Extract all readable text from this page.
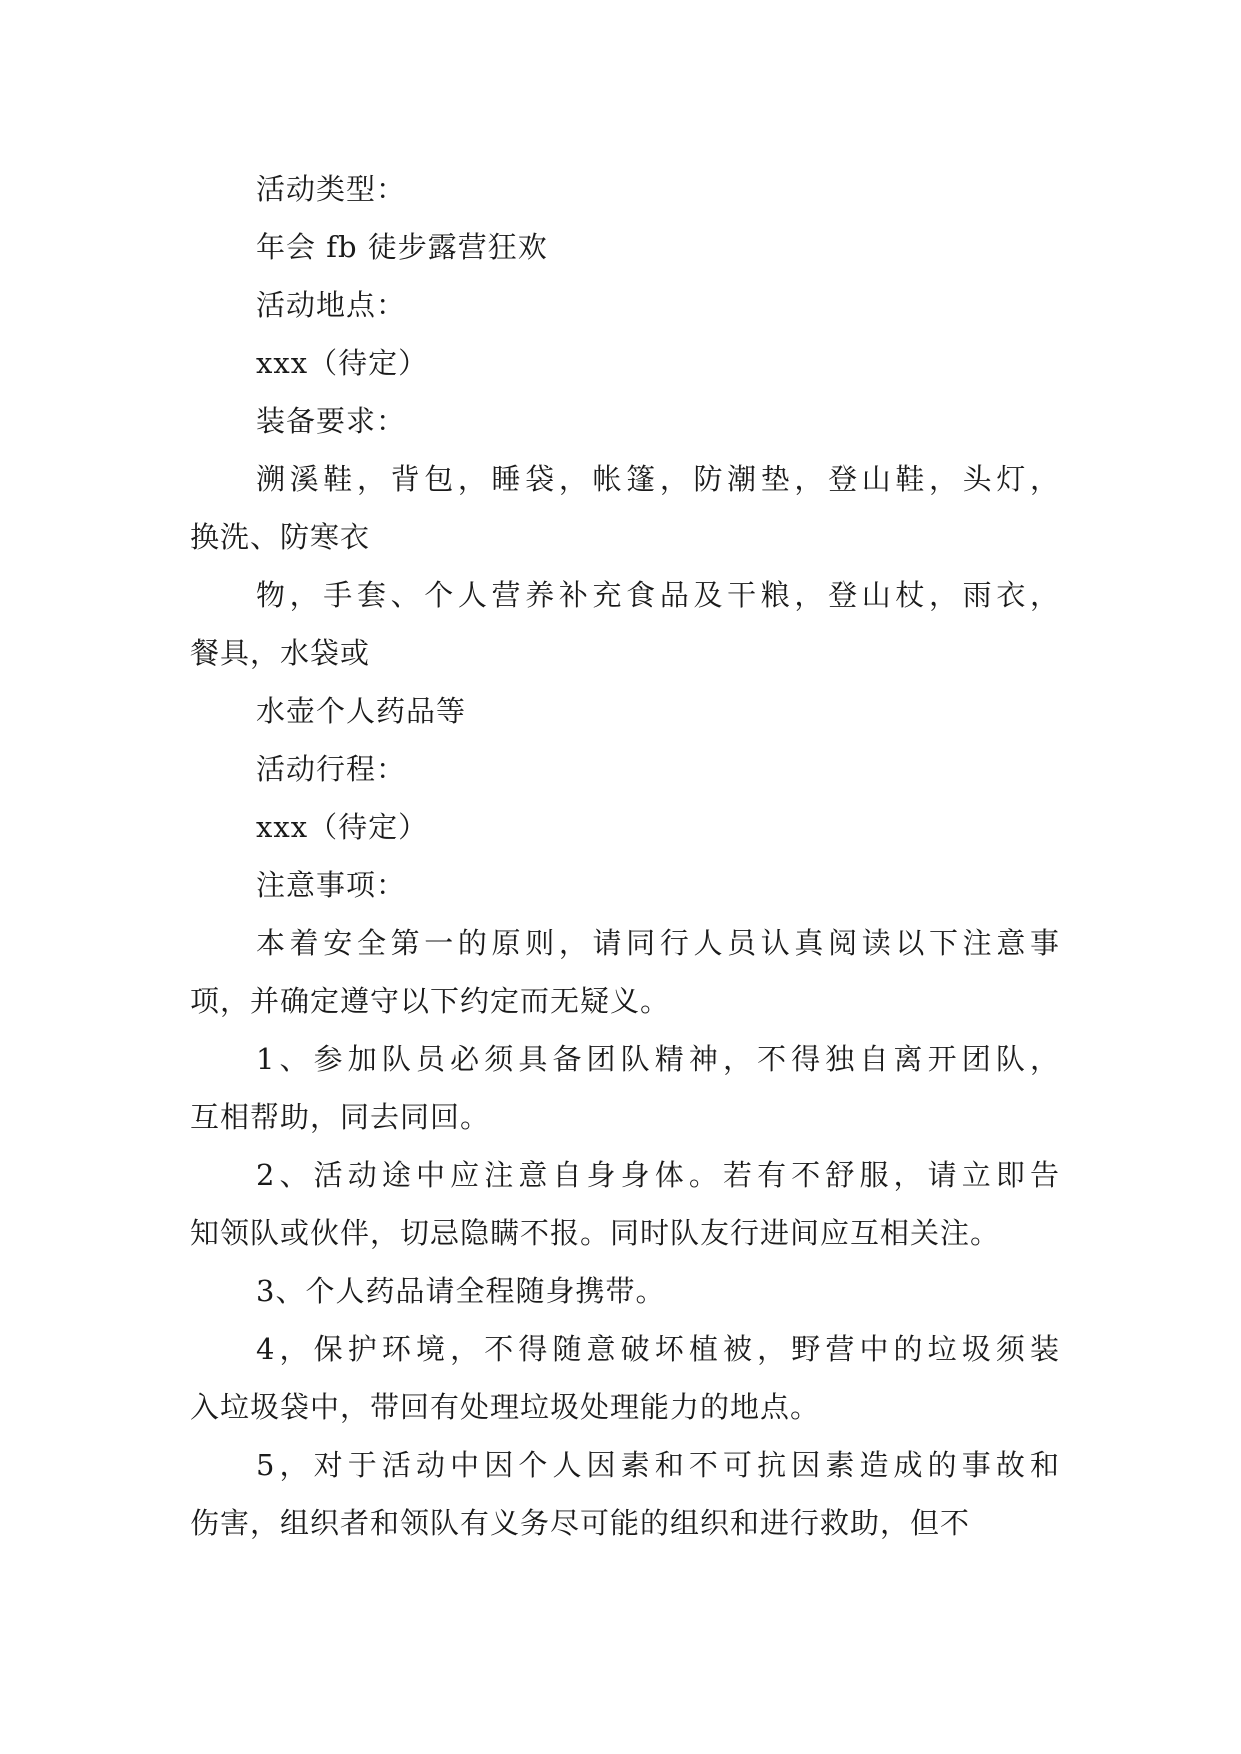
活动类型：

年会 fb 徒步露营狂欢

活动地点：

xxx（待定）

装备要求：

溯溪鞋，背包，睡袋，帐篷，防潮垫，登山鞋，头灯，
换洗、防寒衣

物，手套、个人营养补充食品及干粮，登山杖，雨衣，
餐具，水袋或

水壶个人药品等

活动行程：

xxx（待定）

注意事项：

本着安全第一的原则，请同行人员认真阅读以下注意事
项，并确定遵守以下约定而无疑义。

1、参加队员必须具备团队精神，不得独自离开团队，
互相帮助，同去同回。

2、活动途中应注意自身身体。若有不舒服，请立即告
知领队或伙伴，切忌隐瞒不报。同时队友行进间应互相关注。

3、个人药品请全程随身携带。

4，保护环境，不得随意破坏植被，野营中的垃圾须装
入垃圾袋中，带回有处理垃圾处理能力的地点。

5，对于活动中因个人因素和不可抗因素造成的事故和
伤害，组织者和领队有义务尽可能的组织和进行救助，但不
